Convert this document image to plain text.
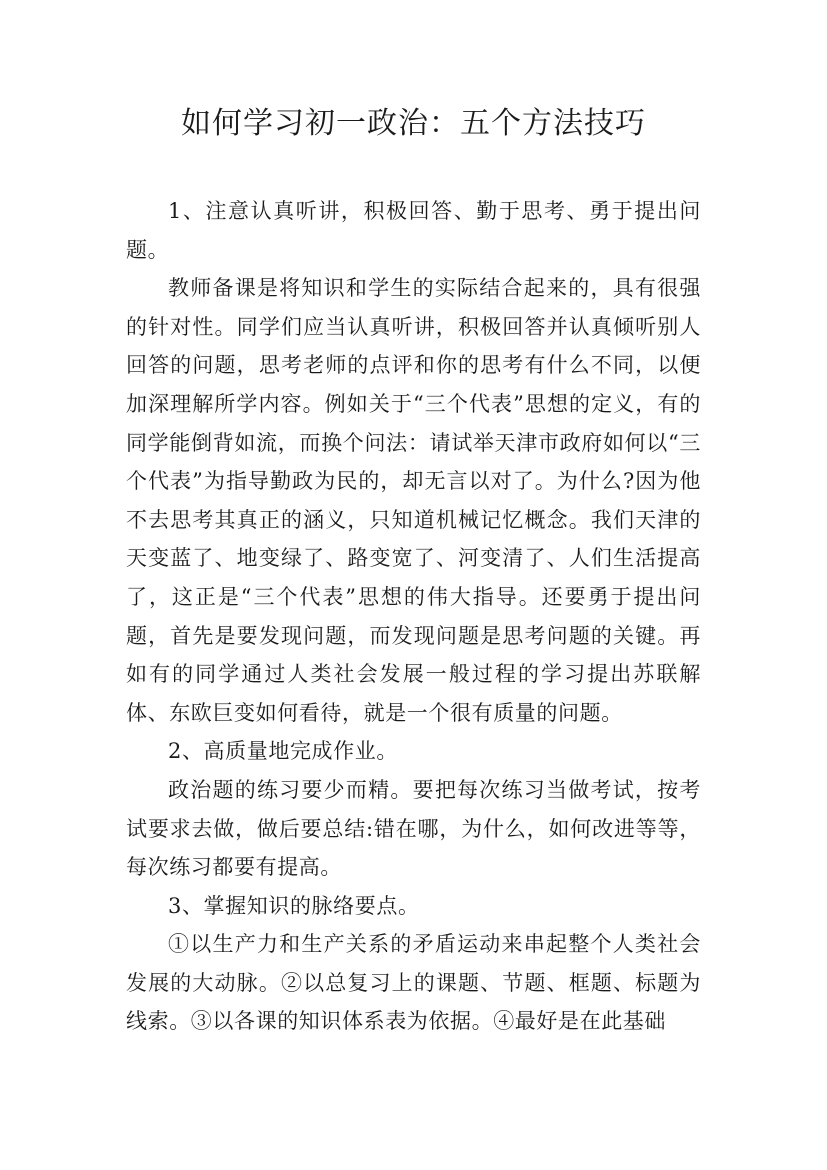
如何学习初一政治：五个方法技巧

1、注意认真听讲，积极回答、勤于思考、勇于提出问题。

教师备课是将知识和学生的实际结合起来的，具有很强的针对性。同学们应当认真听讲，积极回答并认真倾听别人回答的问题，思考老师的点评和你的思考有什么不同，以便加深理解所学内容。例如关于“三个代表”思想的定义，有的同学能倒背如流，而换个问法：请试举天津市政府如何以“三个代表”为指导勤政为民的，却无言以对了。为什么?因为他不去思考其真正的涵义，只知道机械记忆概念。我们天津的天变蓝了、地变绿了、路变宽了、河变清了、人们生活提高了，这正是“三个代表”思想的伟大指导。还要勇于提出问题，首先是要发现问题，而发现问题是思考问题的关键。再如有的同学通过人类社会发展一般过程的学习提出苏联解体、东欧巨变如何看待，就是一个很有质量的问题。

2、高质量地完成作业。

政治题的练习要少而精。要把每次练习当做考试，按考试要求去做，做后要总结:错在哪，为什么，如何改进等等，每次练习都要有提高。

3、掌握知识的脉络要点。

①以生产力和生产关系的矛盾运动来串起整个人类社会发展的大动脉。②以总复习上的课题、节题、框题、标题为线索。③以各课的知识体系表为依据。④最好是在此基础
